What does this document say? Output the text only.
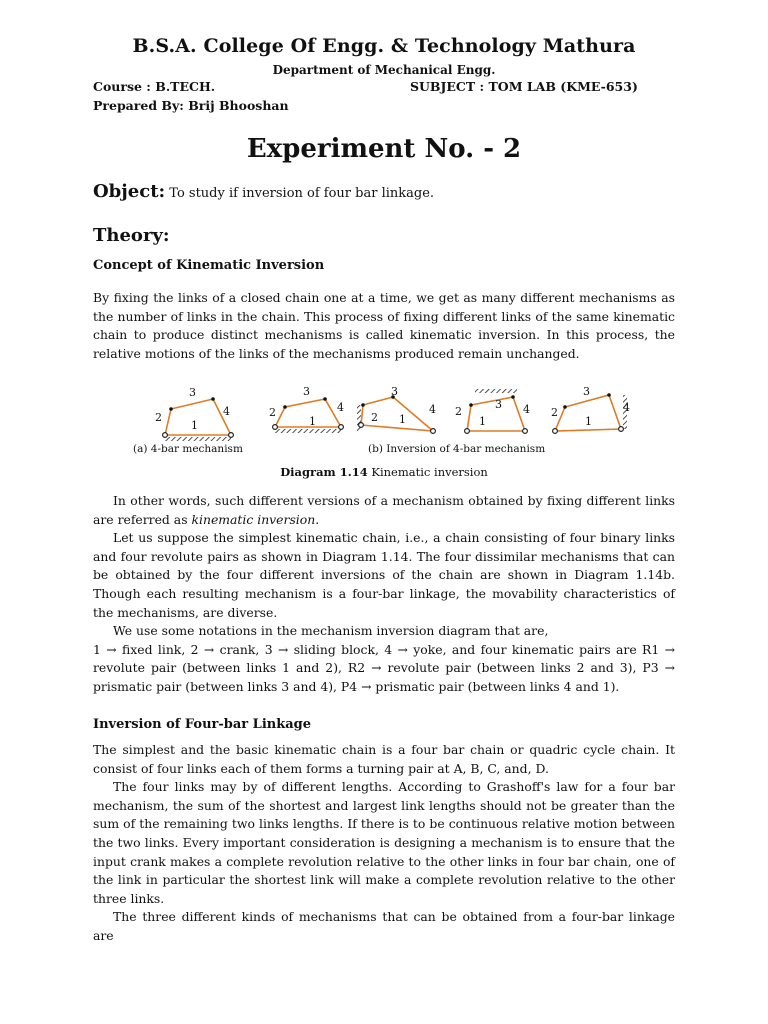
B.S.A. College Of Engg. & Technology Mathura
Department of Mechanical Engg.
Course : B.TECH.	SUBJECT : TOM LAB (KME-653)
Prepared By: Brij Bhooshan
Experiment No. - 2
Object: To study if inversion of four bar linkage.
Theory:
Concept of Kinematic Inversion

By fixing the links of a closed chain one at a time, we get as many different mechanisms as the number of links in the chain. This process of fixing different links of the same kinematic chain to produce distinct mechanisms is called kinematic inversion. In this process, the relative motions of the links of the mechanisms produced remain unchanged.

1
2
3
4
1
2
3
4
1
2
3
4
1
2
3 4
1
2
3
4
(a) 4-bar mechanism	(b) Inversion of 4-bar mechanism
Diagram 1.14 Kinematic inversion

In other words, such different versions of a mechanism obtained by fixing different links are referred as kinematic inversion.

Let us suppose the simplest kinematic chain, i.e., a chain consisting of four binary links and four revolute pairs as shown in Diagram 1.14. The four dissimilar mechanisms that can be obtained by the four different inversions of the chain are shown in Diagram 1.14b. Though each resulting mechanism is a four-bar linkage, the movability characteristics of the mechanisms, are diverse.

We use some notations in the mechanism inversion diagram that are,

1 → fixed link, 2 → crank, 3 → sliding block, 4 → yoke, and four kinematic pairs are R1 → revolute pair (between links 1 and 2), R2 → revolute pair (between links 2 and 3), P3 → prismatic pair (between links 3 and 4), P4 → prismatic pair (between links 4 and 1).

Inversion of Four-bar Linkage

The simplest and the basic kinematic chain is a four bar chain or quadric cycle chain. It consist of four links each of them forms a turning pair at A, B, C, and, D.

The four links may by of different lengths. According to Grashoff's law for a four bar mechanism, the sum of the shortest and largest link lengths should not be greater than the sum of the remaining two links lengths. If there is to be continuous relative motion between the two links. Every important consideration is designing a mechanism is to ensure that the input crank makes a complete revolution relative to the other links in four bar chain, one of the link in particular the shortest link will make a complete revolution relative to the other three links.

The three different kinds of mechanisms that can be obtained from a four-bar linkage are
